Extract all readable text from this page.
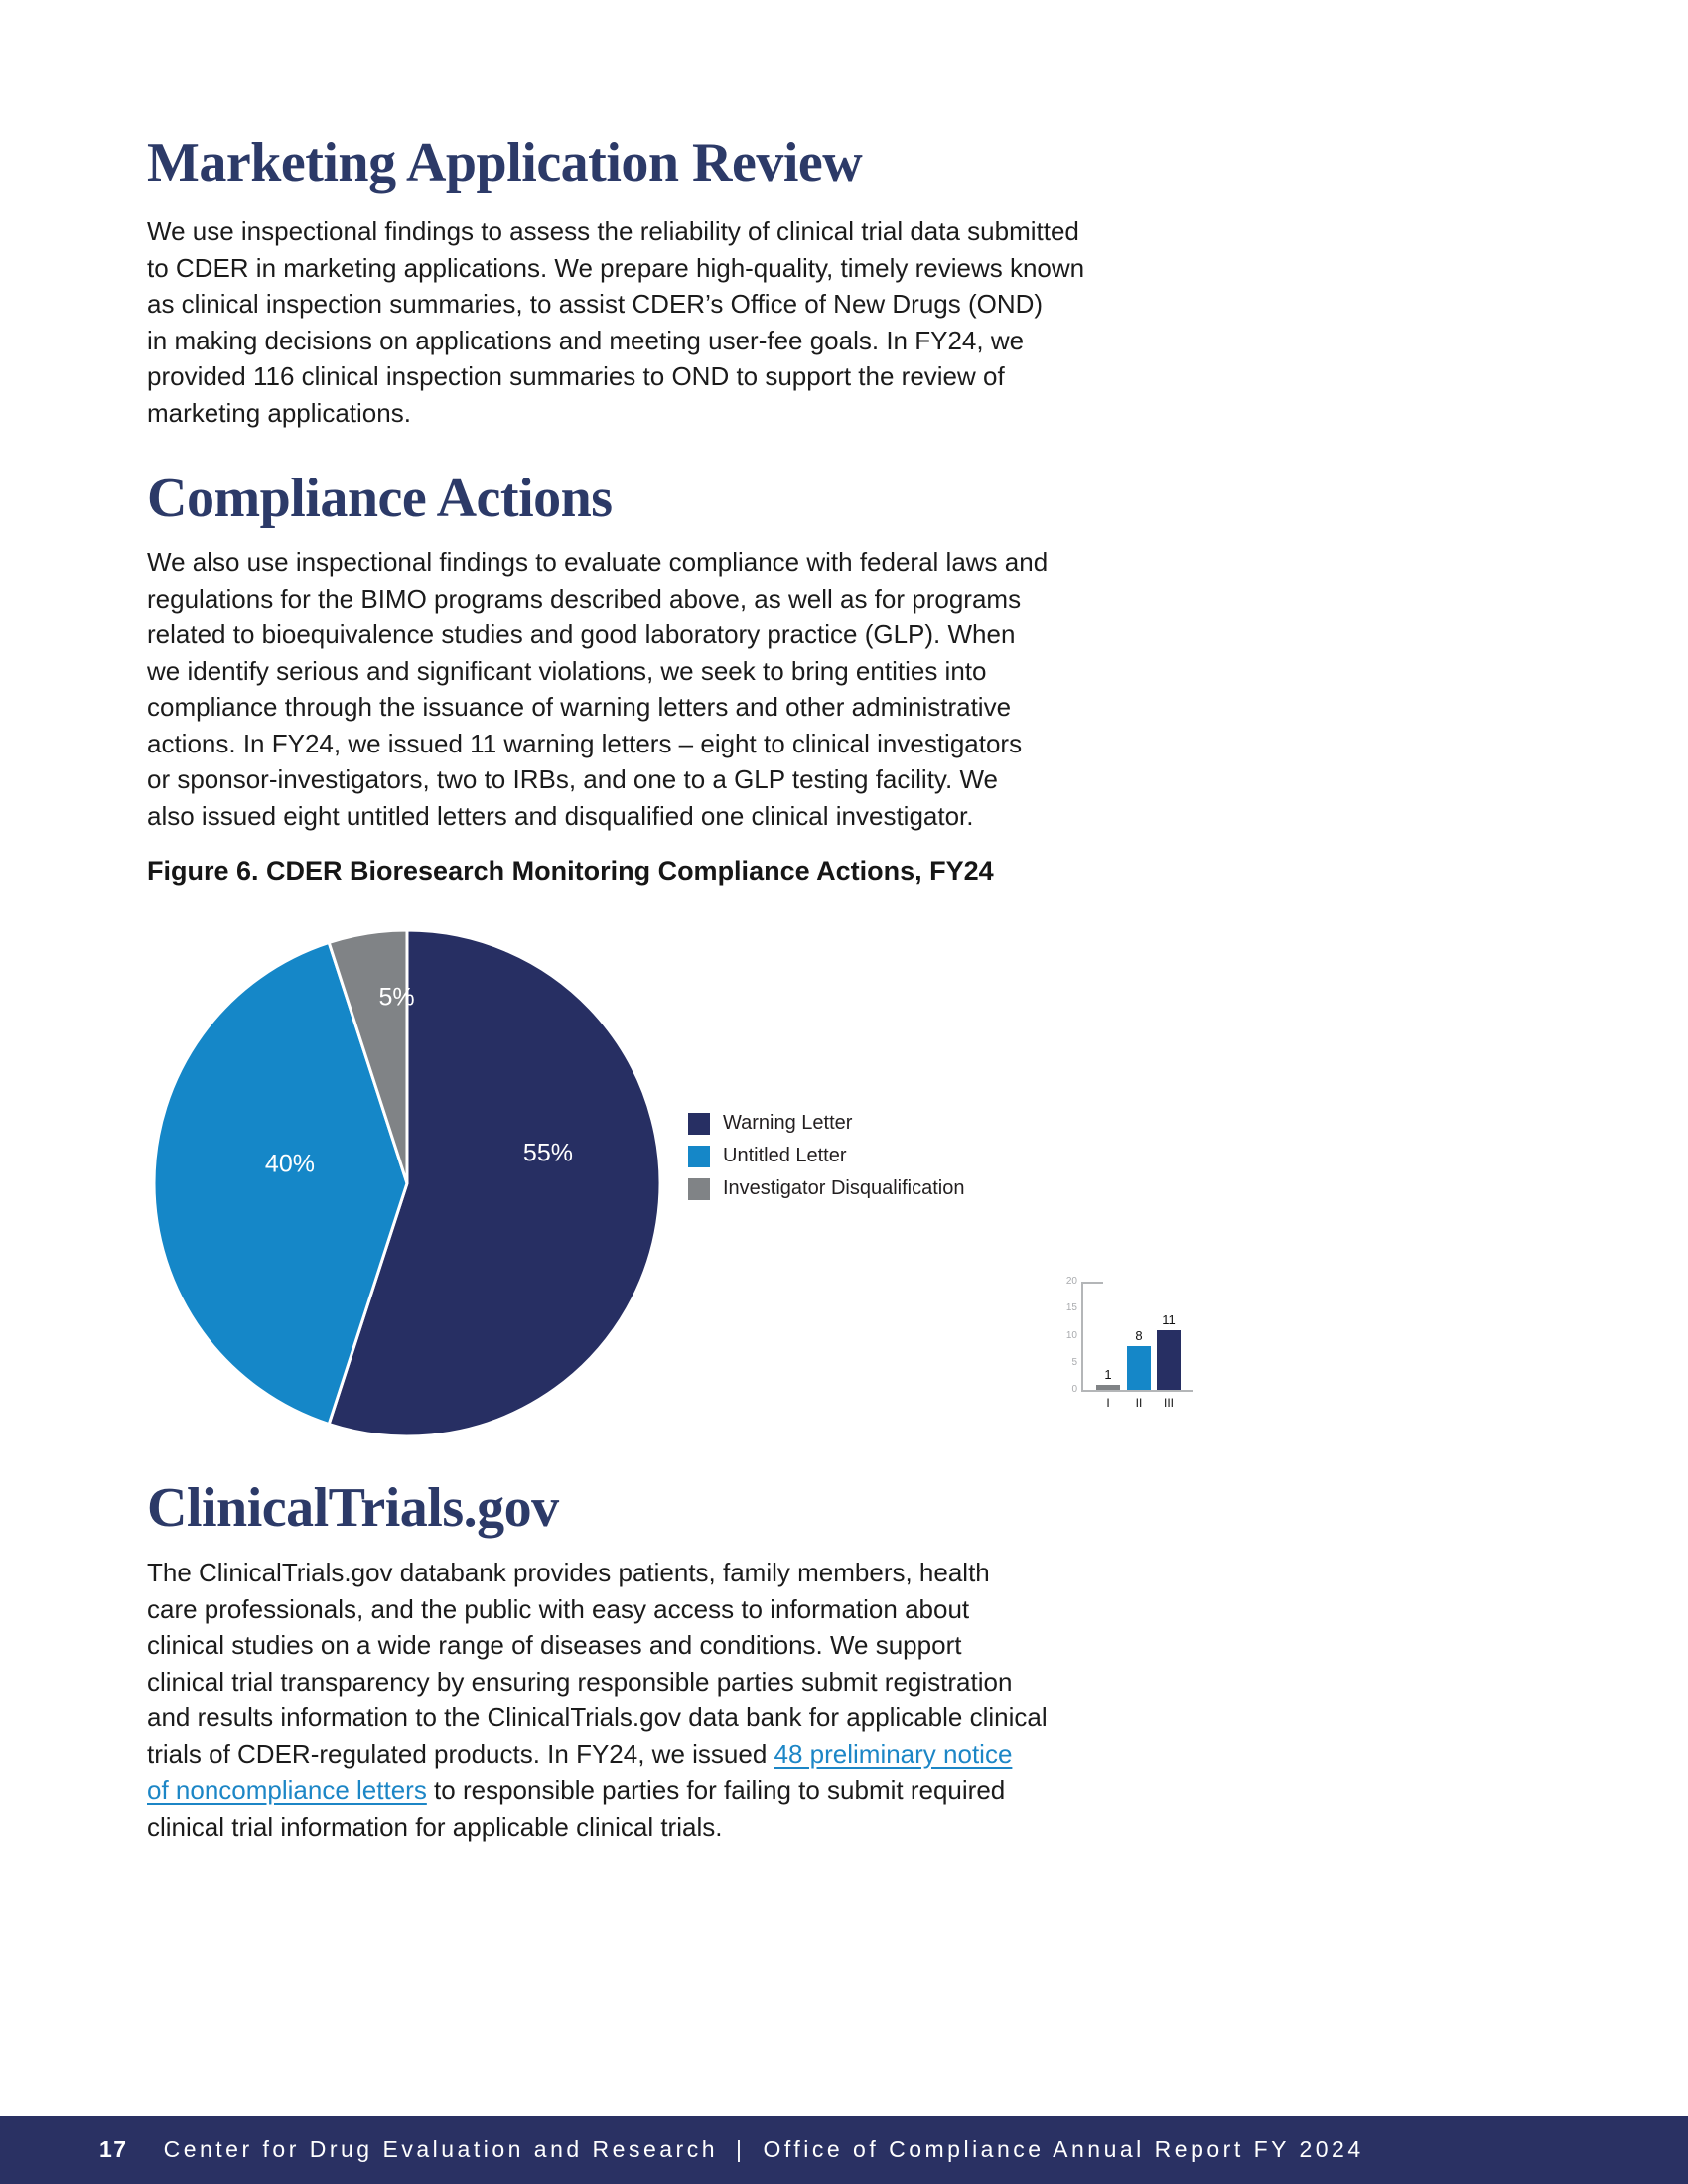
Marketing Application Review
We use inspectional findings to assess the reliability of clinical trial data submitted
to CDER in marketing applications. We prepare high-quality, timely reviews known
as clinical inspection summaries, to assist CDER’s Office of New Drugs (OND)
in making decisions on applications and meeting user-fee goals. In FY24, we
provided 116 clinical inspection summaries to OND to support the review of
marketing applications.
Compliance Actions
We also use inspectional findings to evaluate compliance with federal laws and
regulations for the BIMO programs described above, as well as for programs
related to bioequivalence studies and good laboratory practice (GLP). When
we identify serious and significant violations, we seek to bring entities into
compliance through the issuance of warning letters and other administrative
actions. In FY24, we issued 11 warning letters – eight to clinical investigators
or sponsor-investigators, two to IRBs, and one to a GLP testing facility. We
also issued eight untitled letters and disqualified one clinical investigator.
Figure 6. CDER Bioresearch Monitoring Compliance Actions, FY24
55%
40%
5%
Warning Letter
Untitled Letter
Investigator Disqualification
0
5
10
15
20
1
I
8
II
11
III
ClinicalTrials.gov
The ClinicalTrials.gov databank provides patients, family members, health
care professionals, and the public with easy access to information about
clinical studies on a wide range of diseases and conditions. We support
clinical trial transparency by ensuring responsible parties submit registration
and results information to the ClinicalTrials.gov data bank for applicable clinical
trials of CDER-regulated products. In FY24, we issued 48 preliminary notice
of noncompliance letters to responsible parties for failing to submit required
clinical trial information for applicable clinical trials.
17 Center for Drug Evaluation and Research | Office of Compliance Annual Report FY 2024
